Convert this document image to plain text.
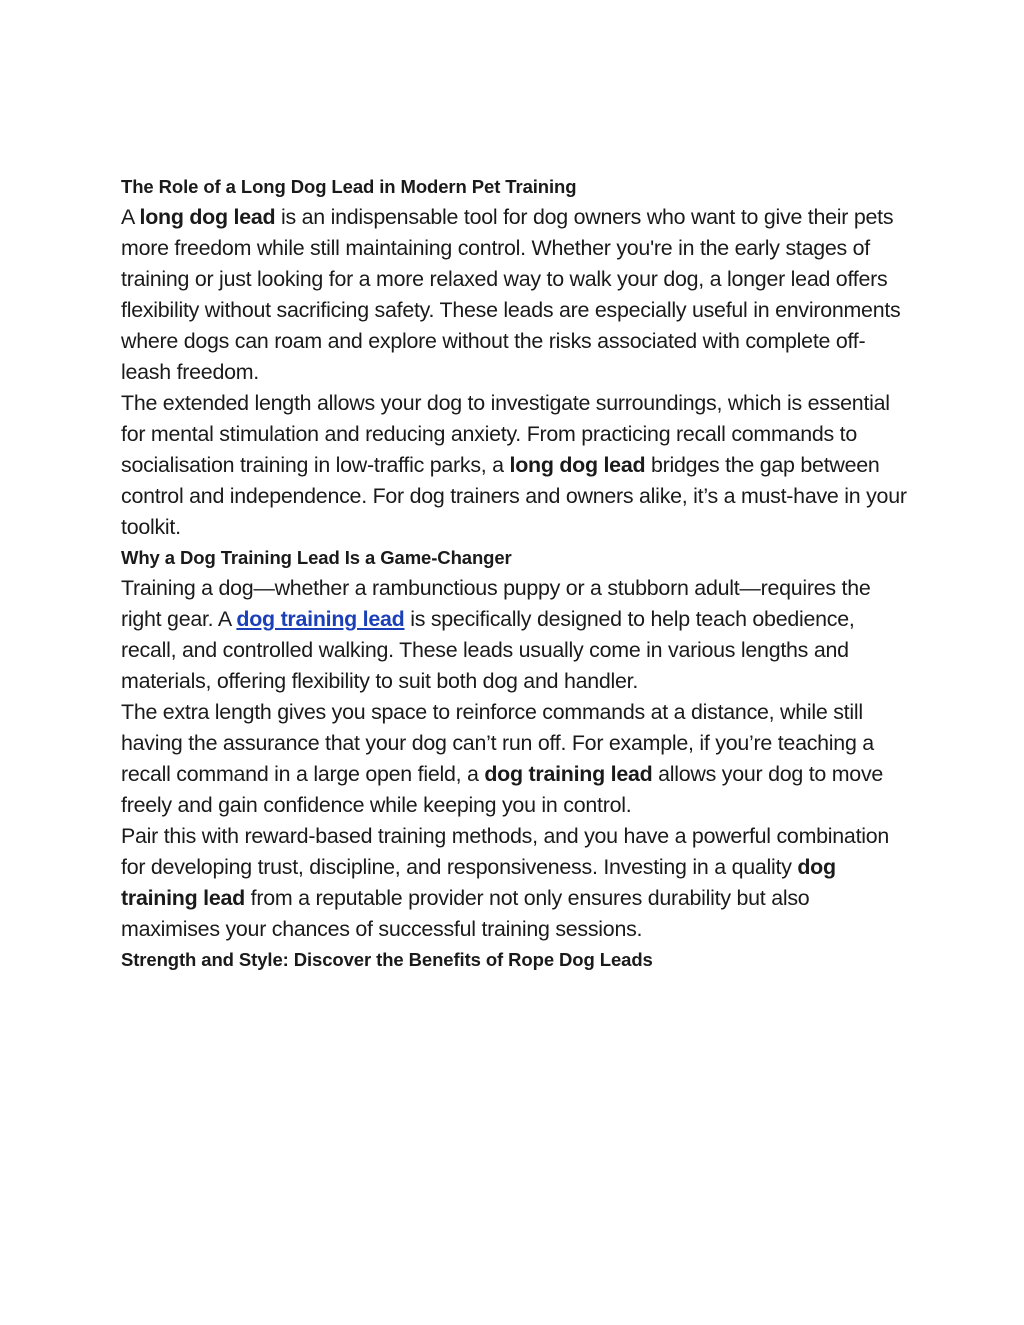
The Role of a Long Dog Lead in Modern Pet Training

A long dog lead is an indispensable tool for dog owners who want to give their pets more freedom while still maintaining control. Whether you're in the early stages of training or just looking for a more relaxed way to walk your dog, a longer lead offers flexibility without sacrificing safety. These leads are especially useful in environments where dogs can roam and explore without the risks associated with complete off-leash freedom.

The extended length allows your dog to investigate surroundings, which is essential for mental stimulation and reducing anxiety. From practicing recall commands to socialisation training in low-traffic parks, a long dog lead bridges the gap between control and independence. For dog trainers and owners alike, it’s a must-have in your toolkit.

Why a Dog Training Lead Is a Game-Changer

Training a dog—whether a rambunctious puppy or a stubborn adult—requires the right gear. A dog training lead is specifically designed to help teach obedience, recall, and controlled walking. These leads usually come in various lengths and materials, offering flexibility to suit both dog and handler.

The extra length gives you space to reinforce commands at a distance, while still having the assurance that your dog can’t run off. For example, if you’re teaching a recall command in a large open field, a dog training lead allows your dog to move freely and gain confidence while keeping you in control.

Pair this with reward-based training methods, and you have a powerful combination for developing trust, discipline, and responsiveness. Investing in a quality dog training lead from a reputable provider not only ensures durability but also maximises your chances of successful training sessions.

Strength and Style: Discover the Benefits of Rope Dog Leads
